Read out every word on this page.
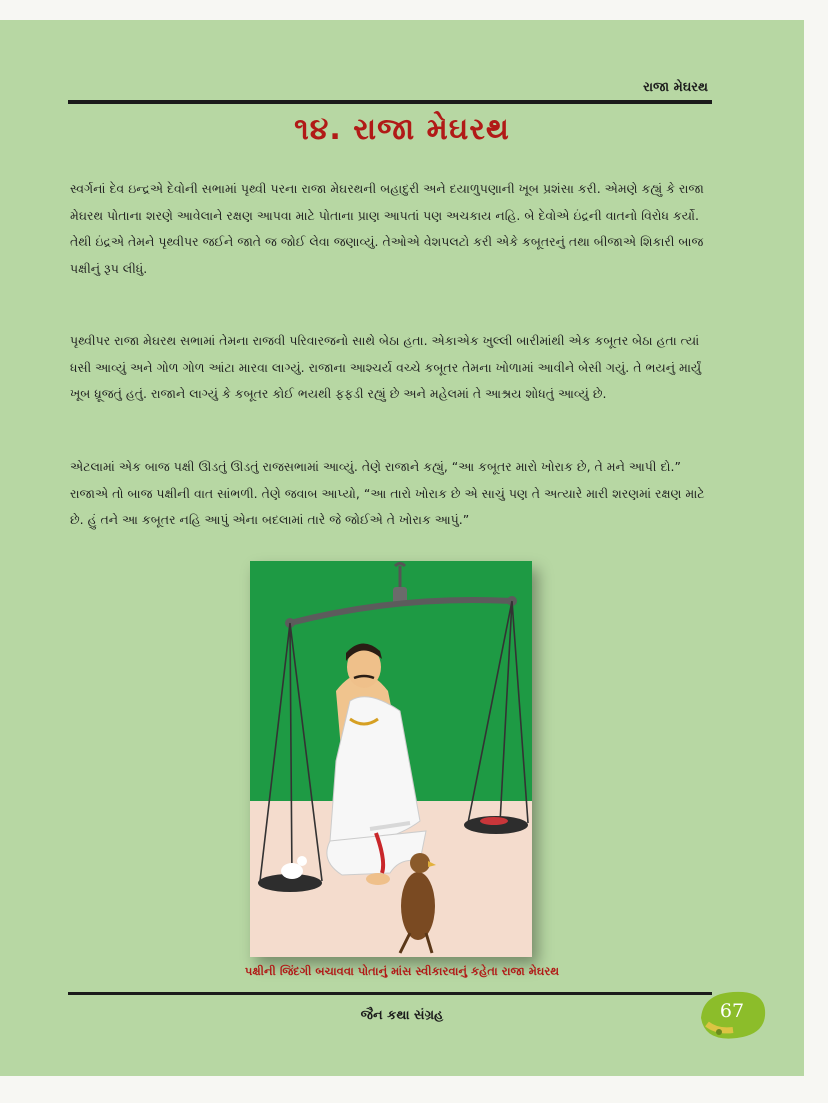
રાજા મેઘરથ
૧૪. રાજા મેઘરથ

સ્વર્ગનાં દેવ ઇન્દ્રએ દેવોની સભામાં પૃથ્વી પરના રાજા મેઘરથની બહાદુરી અને દયાળુપણાની ખૂબ પ્રશંસા કરી. એમણે કહ્યું કે રાજા મેઘરથ પોતાના શરણે આવેલાને રક્ષણ આપવા માટે પોતાના પ્રાણ આપતાં પણ અચકાય નહિ. બે દેવોએ ઇંદ્રની વાતનો વિરોધ કર્યો. તેથી ઇંદ્રએ તેમને પૃથ્વીપર જઈને જાતે જ જોઈ લેવા જણાવ્યું. તેઓએ વેશપલટો કરી એકે કબૂતરનું તથા બીજાએ શિકારી બાજ પક્ષીનું રૂપ લીધું.

પૃથ્વીપર રાજા મેઘરથ સભામાં તેમના રાજવી પરિવારજનો સાથે બેઠા હતા. એકાએક ખુલ્લી બારીમાંથી એક કબૂતર બેઠા હતા ત્યાં ધસી આવ્યું અને ગોળ ગોળ આંટા મારવા લાગ્યું. રાજાના આશ્ચર્ય વચ્ચે કબૂતર તેમના ખોળામાં આવીને બેસી ગયું. તે ભયનું માર્યું ખૂબ ધ્રૂજતું હતું. રાજાને લાગ્યું કે કબૂતર કોઈ ભયથી ફફડી રહ્યું છે અને મહેલમાં તે આશ્રય શોધતું આવ્યું છે.

એટલામાં એક બાજ પક્ષી ઊડતું ઊડતું રાજસભામાં આવ્યું. તેણે રાજાને કહ્યું, “આ કબૂતર મારો ખોરાક છે, તે મને આપી દો.” રાજાએ તો બાજ પક્ષીની વાત સાંભળી. તેણે જવાબ આપ્યો, “આ તારો ખોરાક છે એ સાચું પણ તે અત્યારે મારી શરણમાં રક્ષણ માટે છે. હું તને આ કબૂતર નહિ આપું એના બદલામાં તારે જે જોઈએ તે ખોરાક આપું.”

પક્ષીની જિંદગી બચાવવા પોતાનું માંસ સ્વીકારવાનું કહેતા રાજા મેઘરથ
જૈન કથા સંગ્રહ	67
